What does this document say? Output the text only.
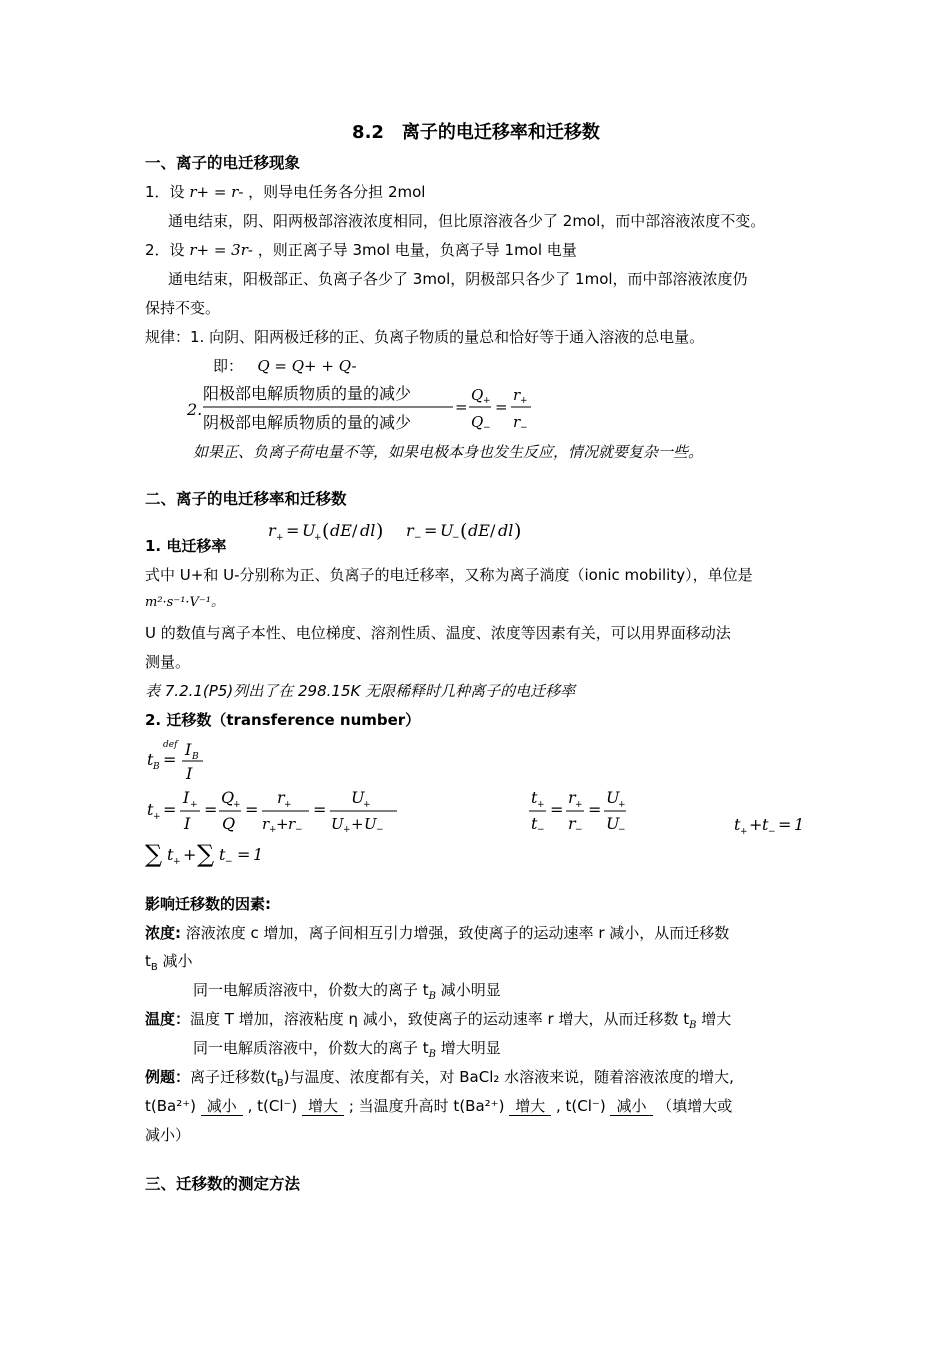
8.2　离子的电迁移率和迁移数
一、离子的电迁移现象
1．设 r+ = r- ，则导电任务各分担 2mol
通电结束，阴、阳两极部溶液浓度相同，但比原溶液各少了 2mol，而中部溶液浓度不变。
2．设 r+ = 3r- ，则正离子导 3mol 电量，负离子导 1mol 电量
通电结束，阳极部正、负离子各少了 3mol，阴极部只各少了 1mol，而中部溶液浓度仍
保持不变。
规律：1. 向阴、阳两极迁移的正、负离子物质的量总和恰好等于通入溶液的总电量。
即： Q = Q+ + Q-
2.
阳极部电解质物质的量的减少
阴极部电解质物质的量的减少
=
Q +
Q −
=
r +
r −
如果正、负离子荷电量不等，如果电极本身也发生反应，情况就要复杂一些。
二、离子的电迁移率和迁移数
r + = U
+ ( dE / dl ) r − = U
− ( dE / dl )
1. 电迁移率
式中 U+和 U-分别称为正、负离子的电迁移率，又称为离子淌度（ionic mobility），单位是
m²·s⁻¹·V⁻¹。
U 的数值与离子本性、电位梯度、溶剂性质、温度、浓度等因素有关，可以用界面移动法
测量。
表 7.2.1(P5)列出了在 298.15K 无限稀释时几种离子的电迁移率
2. 迁移数（transference number）
t B
def
=
I B
I
t + =
I +
I
=
Q
+
Q
=
r +
r + + r −
=
U
+
U + + U −
t +
t −
=
r +
r −
=
U
+
U
−	t + + t − = 1
∑ t + + ∑ t − = 1
影响迁移数的因素:
浓度: 溶液浓度 c 增加，离子间相互引力增强，致使离子的运动速率 r 减小，从而迁移数
$t_B$ 减小
同一电解质溶液中，价数大的离子 $t_B$ 减小明显
温度：温度 T 增加，溶液粘度 η 减小，致使离子的运动速率 r 增大，从而迁移数 $t_B$ 增大
同一电解质溶液中，价数大的离子 $t_B$ 增大明显
例题：离子迁移数$(t_B)$与温度、浓度都有关，对 BaCl₂ 水溶液来说，随着溶液浓度的增大,
t(Ba²⁺) 减小 , t(Cl⁻) 增大 ; 当温度升高时 t(Ba²⁺) 增大 , t(Cl⁻) 减小 （填增大或
减小）
三、迁移数的测定方法
